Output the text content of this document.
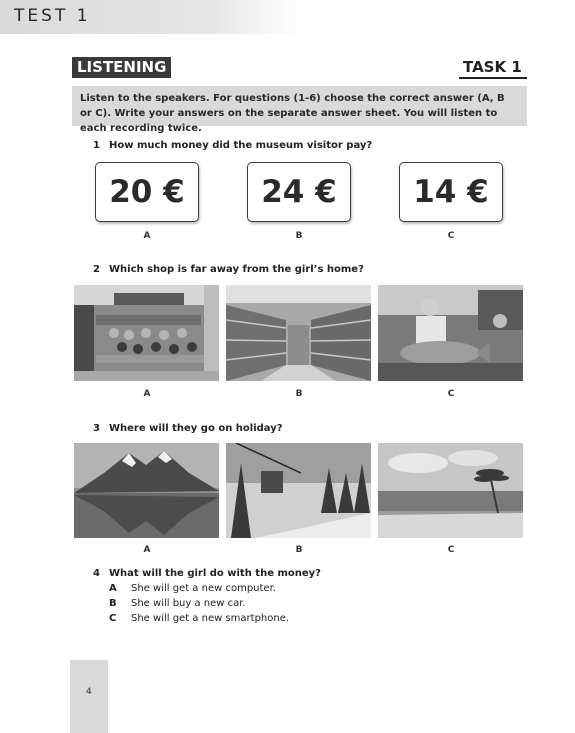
TEST 1
LISTENING	TASK 1
Listen to the speakers. For questions (1-6) choose the correct answer (A, B or C). Write your answers on the separate answer sheet. You will listen to each recording twice.
1 How much money did the museum visitor pay?
20 €	24 €	14 €
A	B	C
2 Which shop is far away from the girl’s home?
A	B	C
3 Where will they go on holiday?
A	B	C
4 What will the girl do with the money?
A She will get a new computer.
B She will buy a new car.
C She will get a new smartphone.
4
